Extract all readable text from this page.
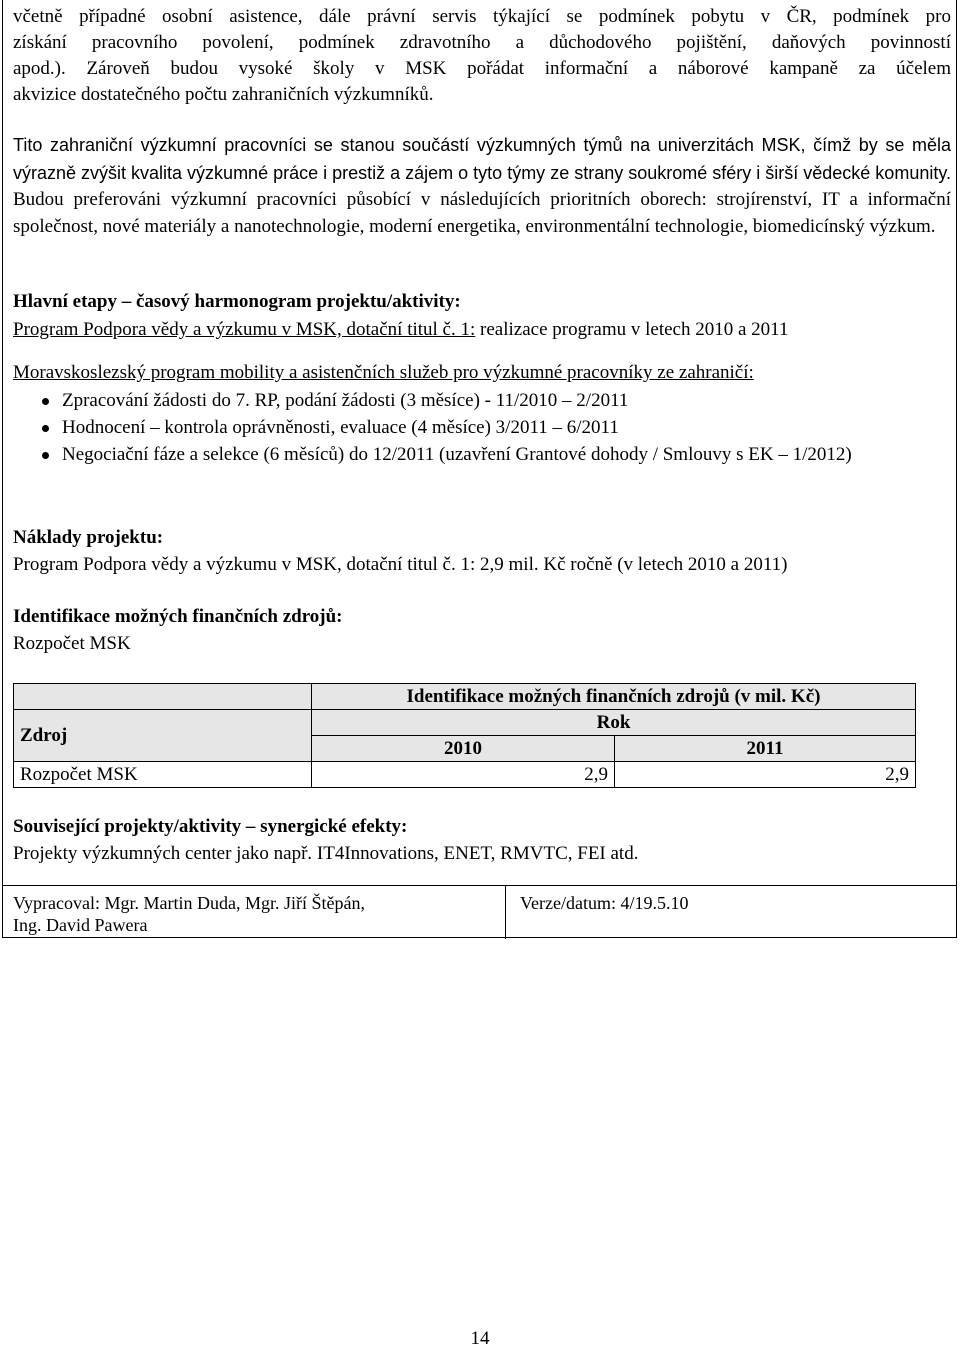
včetně případné osobní asistence, dále právní servis týkající se podmínek pobytu v ČR, podmínek pro

získání pracovního povolení, podmínek zdravotního a důchodového pojištění, daňových povinností

apod.). Zároveň budou vysoké školy v MSK pořádat informační a náborové kampaně za účelem

akvizice dostatečného počtu zahraničních výzkumníků.

Tito zahraniční výzkumní pracovníci se stanou součástí výzkumných týmů na univerzitách MSK, čímž by se měla výrazně zvýšit kvalita výzkumné práce i prestiž a zájem o tyto týmy ze strany soukromé sféry i širší vědecké komunity. Budou preferováni výzkumní pracovníci působící v následujících prioritních oborech: strojírenství, IT a informační společnost, nové materiály a nanotechnologie, moderní energetika, environmentální technologie, biomedicínský výzkum.

Hlavní etapy – časový harmonogram projektu/aktivity:

Program Podpora vědy a výzkumu v MSK, dotační titul č. 1: realizace programu v letech 2010 a 2011

Moravskoslezský program mobility a asistenčních služeb pro výzkumné pracovníky ze zahraničí:

Zpracování žádosti do 7. RP, podání žádosti (3 měsíce) - 11/2010 – 2/2011
Hodnocení – kontrola oprávněnosti, evaluace (4 měsíce) 3/2011 – 6/2011
Negociační fáze a selekce (6 měsíců) do 12/2011 (uzavření Grantové dohody / Smlouvy s EK – 1/2012)

Náklady projektu:

Program Podpora vědy a výzkumu v MSK, dotační titul č. 1: 2,9 mil. Kč ročně (v letech 2010 a 2011)

Identifikace možných finančních zdrojů:

Rozpočet MSK

	Identifikace možných finančních zdrojů (v mil. Kč)	
Zdroj	Rok	
	2010	2011
Rozpočet MSK	2,9	2,9

Související projekty/aktivity – synergické efekty:

Projekty výzkumných center jako např. IT4Innovations, ENET, RMVTC, FEI atd.

Vypracoval: Mgr. Martin Duda, Mgr. Jiří Štěpán,
Ing. David Pawera
Verze/datum: 4/19.5.10
14
